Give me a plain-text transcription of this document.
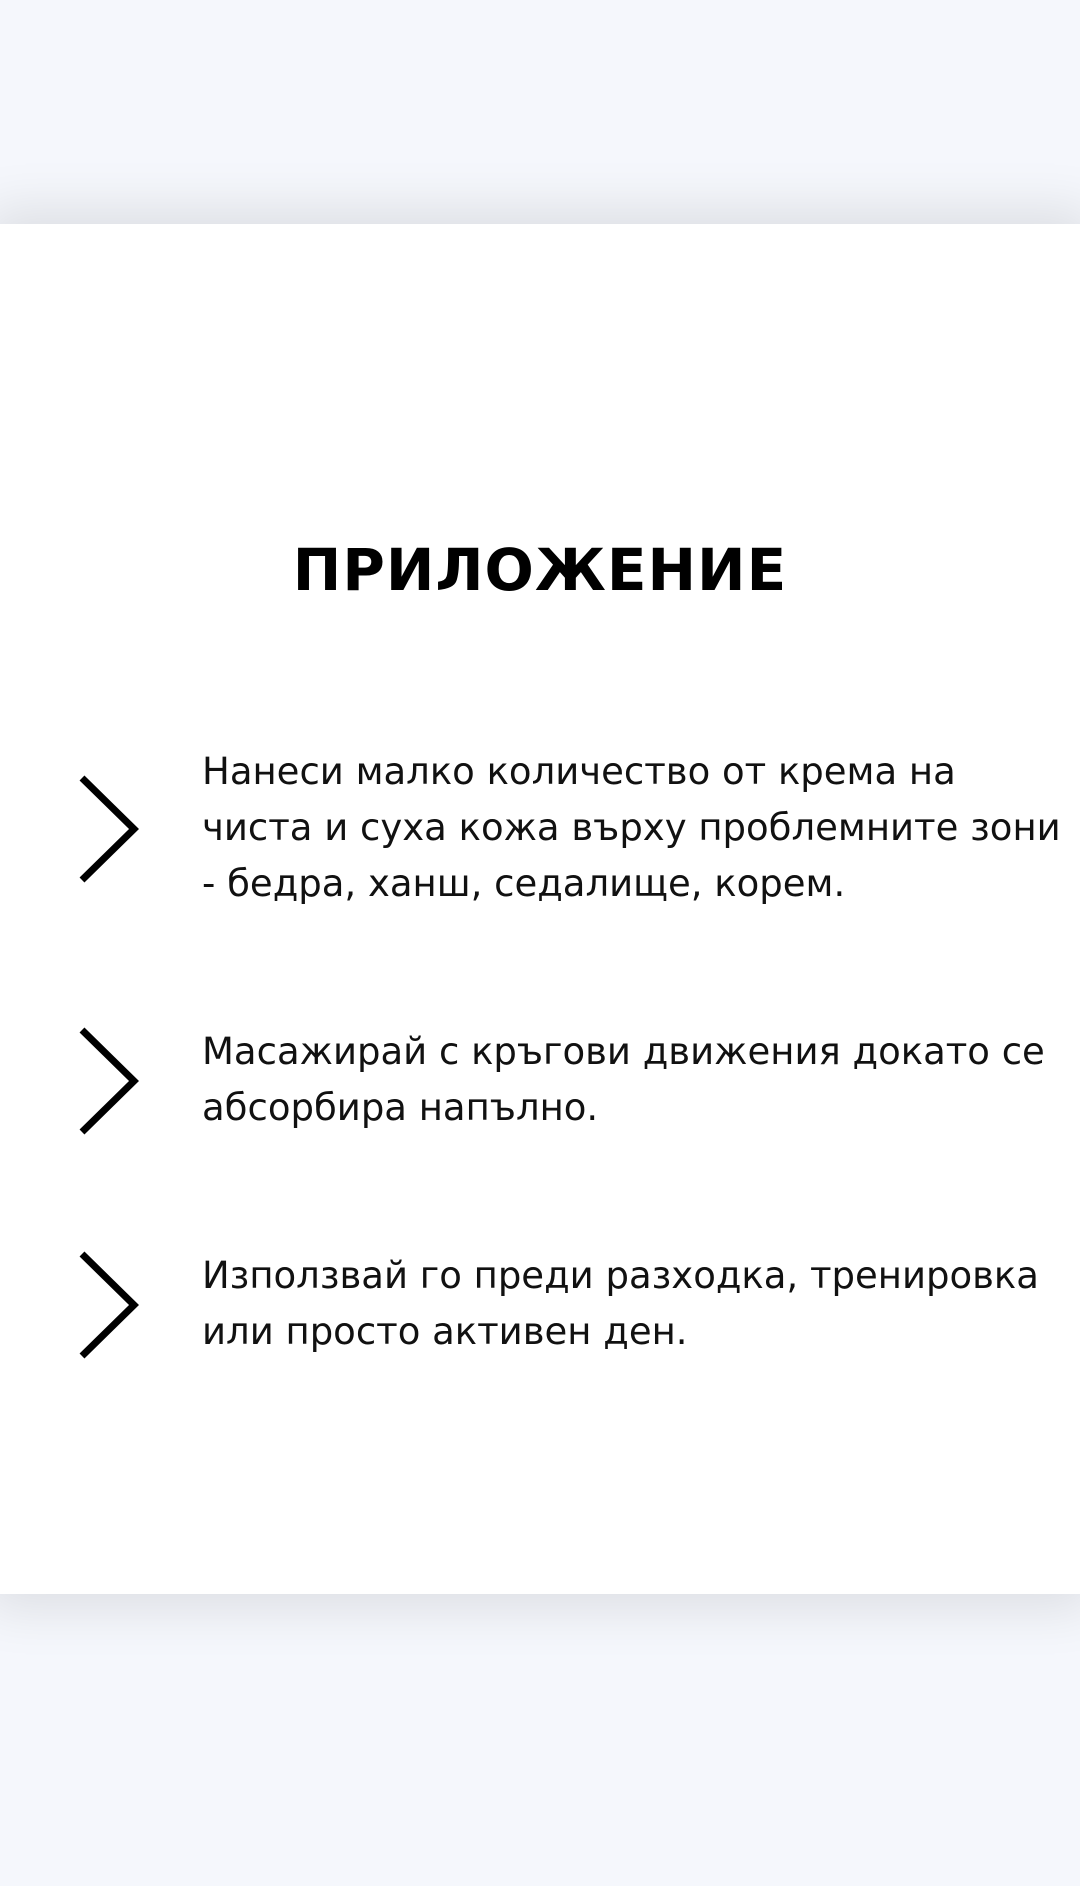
ПРИЛОЖЕНИЕ

Нанеси малко количество от крема на чиста и суха кожа върху проблемните зони - бедра, ханш, седалище, корем.

Масажирай с кръгови движения докато се абсорбира напълно.

Използвай го преди разходка, тренировка или просто активен ден.
